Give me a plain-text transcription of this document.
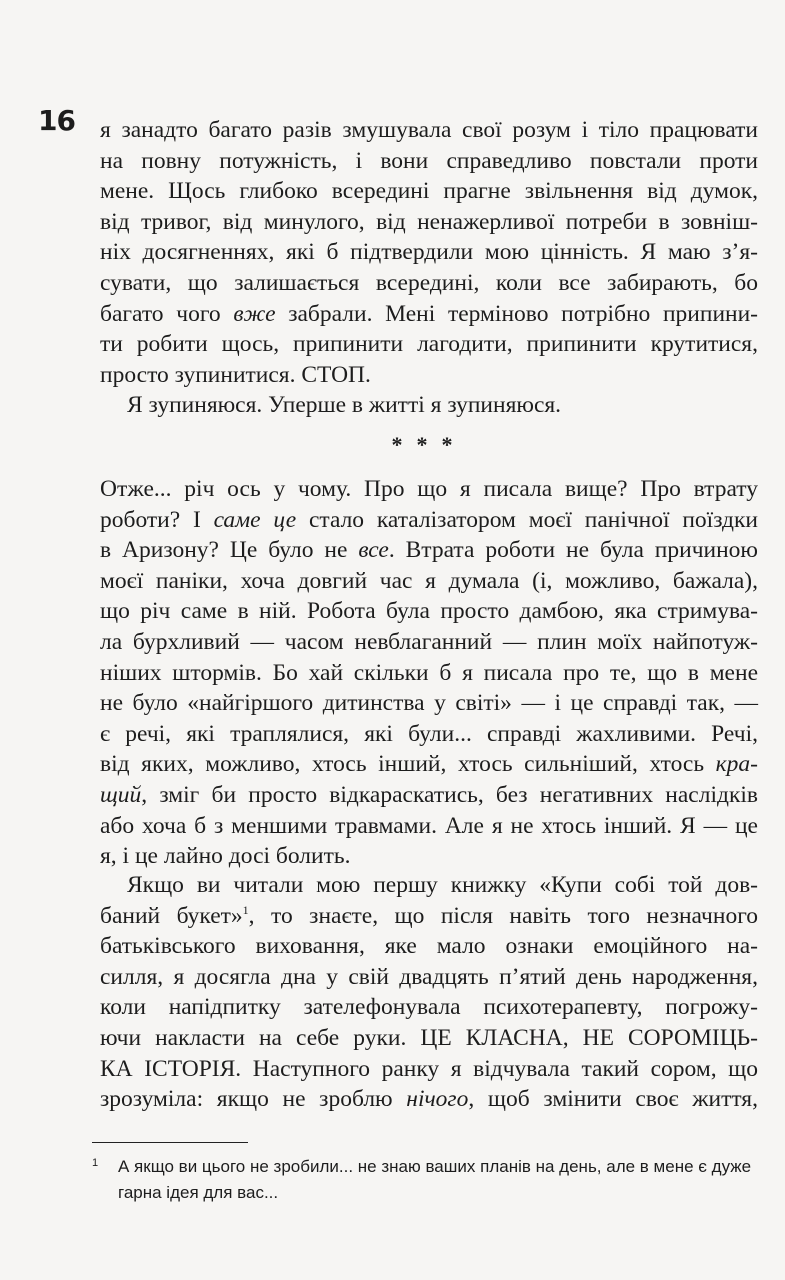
16 я занадто багато разів змушувала свої розум і тіло працювати
на повну потужність, і вони справедливо повстали проти
мене. Щось глибоко всередині прагне звільнення від думок,
від тривог, від минулого, від ненажерливої потреби в зовніш-
ніх досягненнях, які б підтвердили мою цінність. Я маю з’я-
сувати, що залишається всередині, коли все забирають, бо
багато чого вже забрали. Мені терміново потрібно припини-
ти робити щось, припинити лагодити, припинити крутитися,
просто зупинитися. СТОП.
Я зупиняюся. Уперше в житті я зупиняюся.
***
Отже... річ ось у чому. Про що я писала вище? Про втрату
роботи? І саме це стало каталізатором моєї панічної поїздки
в Аризону? Це було не все. Втрата роботи не була причиною
моєї паніки, хоча довгий час я думала (і, можливо, бажала),
що річ саме в ній. Робота була просто дамбою, яка стримува-
ла бурхливий — часом невблаганний — плин моїх найпотуж-
ніших штормів. Бо хай скільки б я писала про те, що в мене
не було «найгіршого дитинства у світі» — і це справді так, —
є речі, які траплялися, які були... справді жахливими. Речі,
від яких, можливо, хтось інший, хтось сильніший, хтось кра-
щий, зміг би просто відкараскатись, без негативних наслідків
або хоча б з меншими травмами. Але я не хтось інший. Я — це
я, і це лайно досі болить.
Якщо ви читали мою першу книжку «Купи собі той дов-
баний букет»$^1$, то знаєте, що після навіть того незначного
батьківського виховання, яке мало ознаки емоційного на-
силля, я досягла дна у свій двадцять п’ятий день народження,
коли напідпитку зателефонувала психотерапевту, погрожу-
ючи накласти на себе руки. ЦЕ КЛАСНА, НЕ СОРОМІЦЬ-
КА ІСТОРІЯ. Наступного ранку я відчувала такий сором, що
зрозуміла: якщо не зроблю нічого, щоб змінити своє життя,
1	А якщо ви цього не зробили... не знаю ваших планів на день, але в мене є дуже
гарна ідея для вас...
